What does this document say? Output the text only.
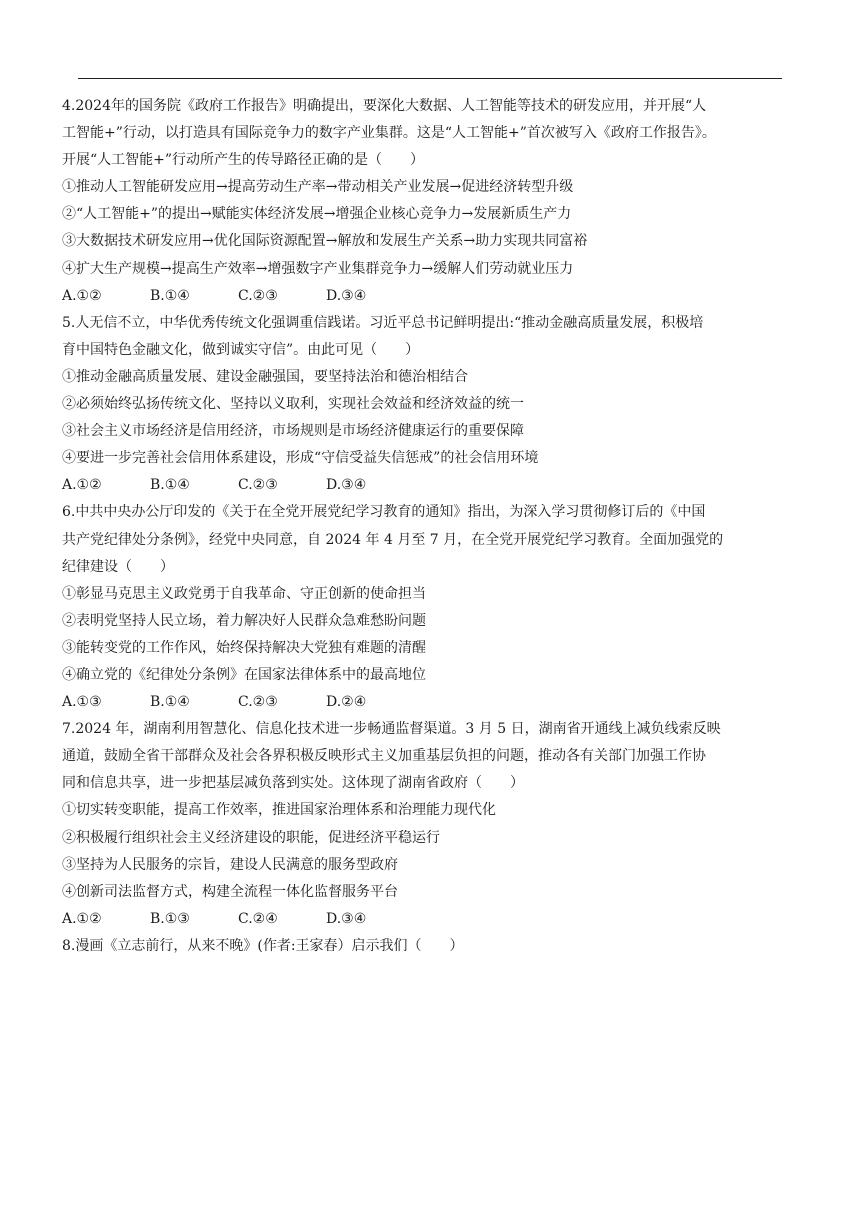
4.2024年的国务院《政府工作报告》明确提出，要深化大数据、人工智能等技术的研发应用，并开展“人
工智能+”行动，以打造具有国际竞争力的数字产业集群。这是“人工智能+”首次被写入《政府工作报告》。
开展“人工智能+”行动所产生的传导路径正确的是（　　）
①推动人工智能研发应用→提高劳动生产率→带动相关产业发展→促进经济转型升级
②“人工智能+”的提出→赋能实体经济发展→增强企业核心竞争力→发展新质生产力
③大数据技术研发应用→优化国际资源配置→解放和发展生产关系→助力实现共同富裕
④扩大生产规模→提高生产效率→增强数字产业集群竞争力→缓解人们劳动就业压力
A.①②	B.①④	C.②③	D.③④
5.人无信不立，中华优秀传统文化强调重信践诺。习近平总书记鲜明提出:“推动金融高质量发展，积极培
育中国特色金融文化，做到诚实守信”。由此可见（　　）
①推动金融高质量发展、建设金融强国，要坚持法治和德治相结合
②必须始终弘扬传统文化、坚持以义取利，实现社会效益和经济效益的统一
③社会主义市场经济是信用经济，市场规则是市场经济健康运行的重要保障
④要进一步完善社会信用体系建设，形成“守信受益失信惩戒”的社会信用环境
A.①②	B.①④	C.②③	D.③④
6.中共中央办公厅印发的《关于在全党开展党纪学习教育的通知》指出，为深入学习贯彻修订后的《中国
共产党纪律处分条例》，经党中央同意，自 2024 年 4 月至 7 月，在全党开展党纪学习教育。全面加强党的
纪律建设（　　）
①彰显马克思主义政党勇于自我革命、守正创新的使命担当
②表明党坚持人民立场，着力解决好人民群众急难愁盼问题
③能转变党的工作作风，始终保持解决大党独有难题的清醒
④确立党的《纪律处分条例》在国家法律体系中的最高地位
A.①③	B.①④	C.②③	D.②④
7.2024 年，湖南利用智慧化、信息化技术进一步畅通监督渠道。3 月 5 日，湖南省开通线上减负线索反映
通道，鼓励全省干部群众及社会各界积极反映形式主义加重基层负担的问题，推动各有关部门加强工作协
同和信息共享，进一步把基层减负落到实处。这体现了湖南省政府（　　）
①切实转变职能，提高工作效率，推进国家治理体系和治理能力现代化
②积极履行组织社会主义经济建设的职能，促进经济平稳运行
③坚持为人民服务的宗旨，建设人民满意的服务型政府
④创新司法监督方式，构建全流程一体化监督服务平台
A.①②	B.①③	C.②④	D.③④
8.漫画《立志前行，从来不晚》(作者:王家春）启示我们（　　）
